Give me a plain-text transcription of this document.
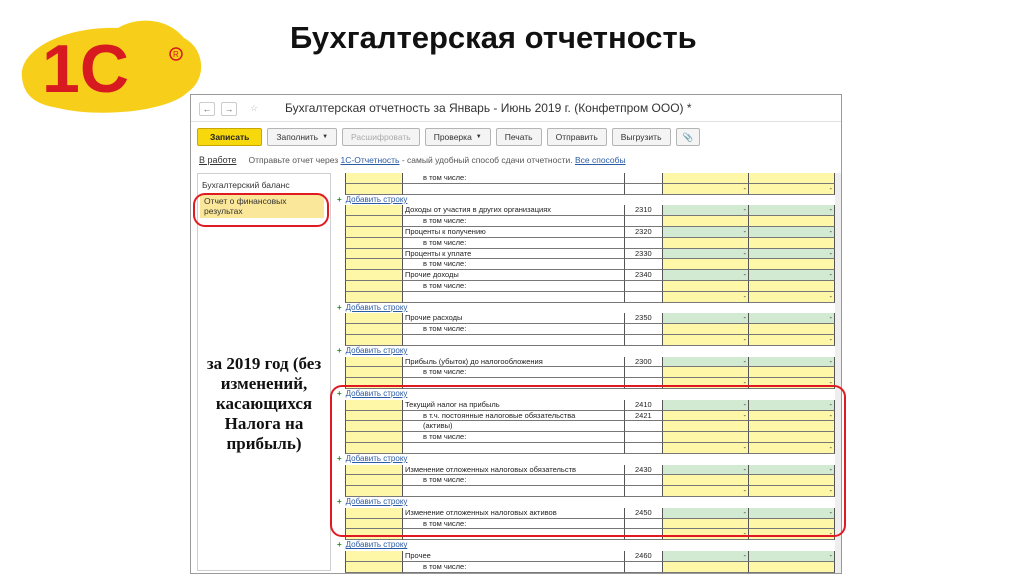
1С	R	Бухгалтерская отчетность
←	→	☆ Бухгалтерская отчетность за Январь - Июнь 2019 г. (Конфетпром ООО) *
Записать	Заполнить ▼	Расшифровать	Проверка ▼	Печать	Отправить	Выгрузить	📎
В работе Отправьте отчет через 1С-Отчетность - самый удобный способ сдачи отчетности. Все способы
Бухгалтерский баланс
Отчет о финансовых результах
за 2019 год (без изменений, касающихся Налога на прибыль)
в том числе:
-	-
+ Добавить строку
Доходы от участия в других организациях	2310	-	-
в том числе:
Проценты к получению	2320	-	-
в том числе:
Проценты к уплате	2330	-	-
в том числе:
Прочие доходы	2340	-	-
в том числе:
-	-
+ Добавить строку
Прочие расходы	2350	-	-
в том числе:
-	-
+ Добавить строку
Прибыль (убыток) до налогообложения	2300	-	-
в том числе:
-	-
+ Добавить строку
Текущий налог на прибыль	2410	-	-
в т.ч. постоянные налоговые обязательства	2421	-	-
(активы)
в том числе:
-	-
+ Добавить строку
Изменение отложенных налоговых обязательств	2430	-	-
в том числе:
-	-
+ Добавить строку
Изменение отложенных налоговых активов	2450	-	-
в том числе:
-	-
+ Добавить строку
Прочее	2460	-	-
в том числе:
